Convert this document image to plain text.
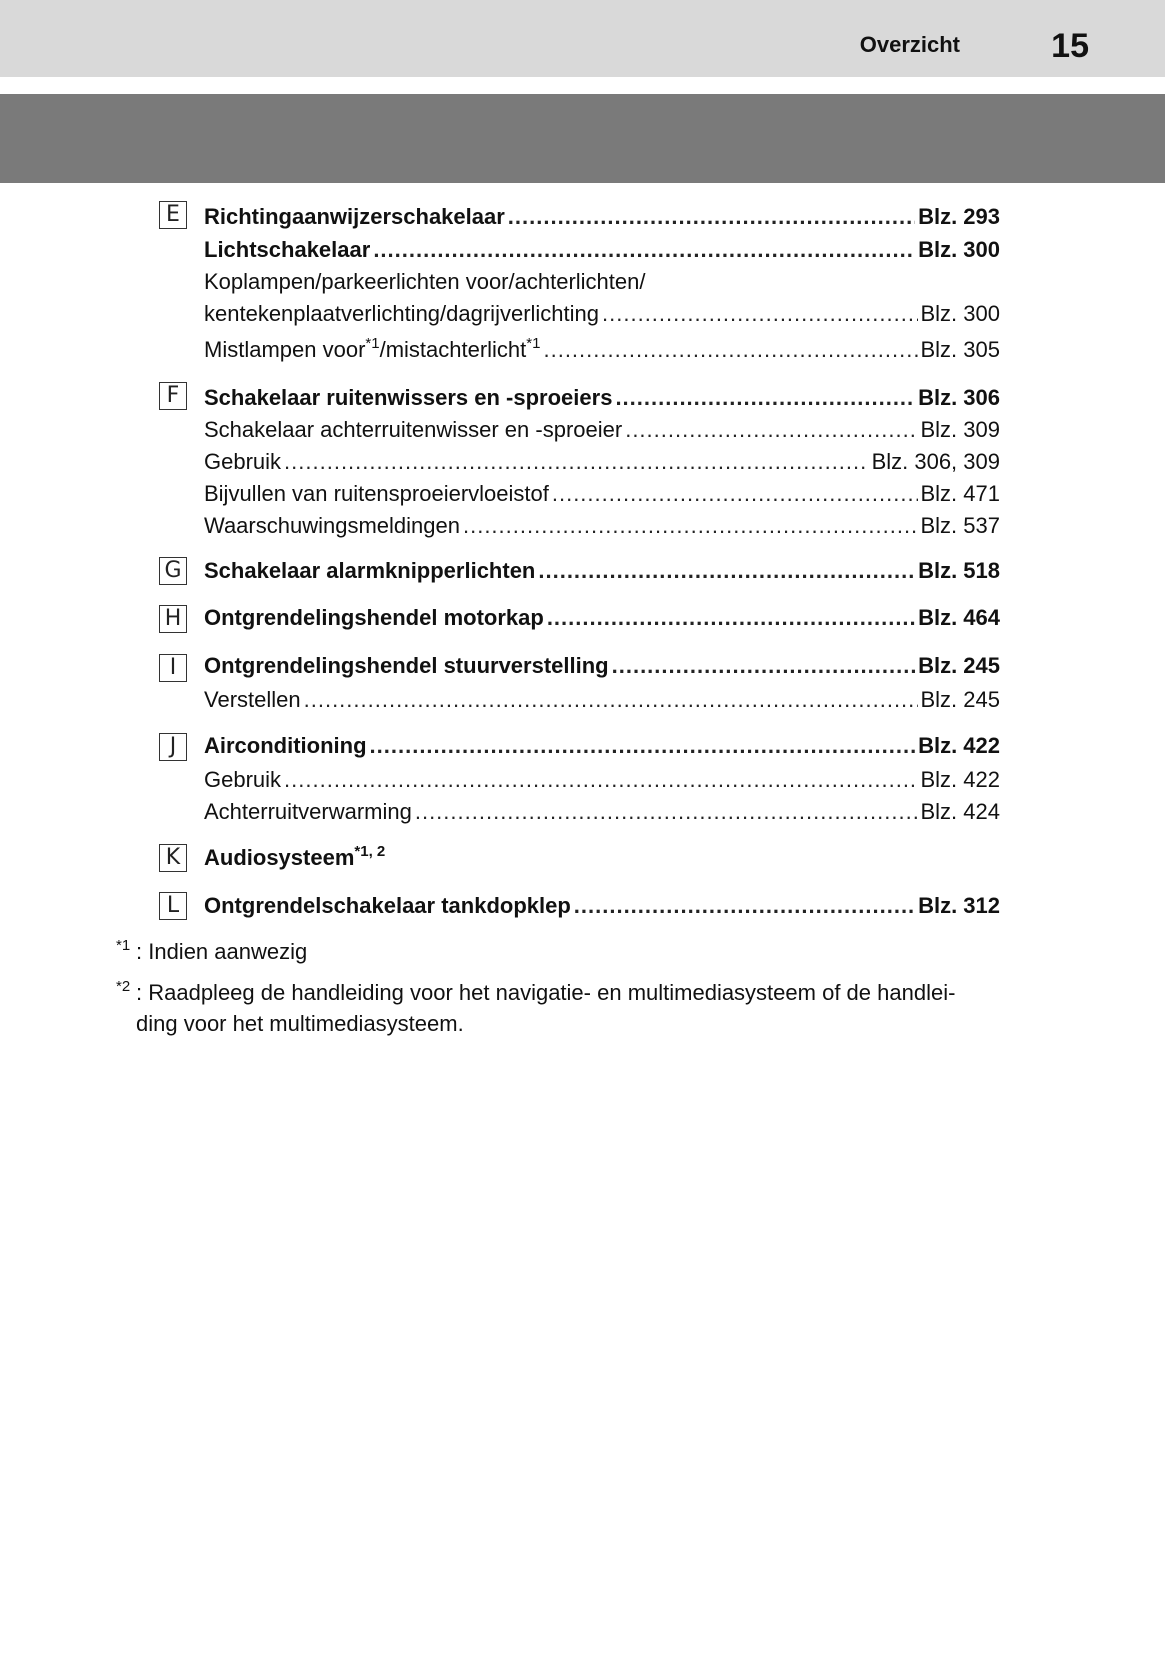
Overzicht	15
E	Richtingaanwijzerschakelaar .....	Blz. 293
Lichtschakelaar .....	Blz. 300
Koplampen/parkeerlichten voor/achterlichten/
kentekenplaatverlichting/dagrijverlichting .....	Blz. 300
Mistlampen voor$^{*1}$/mistachterlicht$^{*1}$ .....	Blz. 305
F	Schakelaar ruitenwissers en -sproeiers .....	Blz. 306
Schakelaar achterruitenwisser en -sproeier .....	Blz. 309
Gebruik .....	Blz. 306, 309
Bijvullen van ruitensproeiervloeistof .....	Blz. 471
Waarschuwingsmeldingen .....	Blz. 537
G Schakelaar alarmknipperlichten .....	Blz. 518
H Ontgrendelingshendel motorkap .....	Blz. 464
I	Ontgrendelingshendel stuurverstelling .....	Blz. 245
Verstellen .....	Blz. 245
J	Airconditioning .....	Blz. 422
Gebruik .....	Blz. 422
Achterruitverwarming .....	Blz. 424
K	Audiosysteem$^{*1, 2}$
L	Ontgrendelschakelaar tankdopklep .....	Blz. 312
$^{*1}$ : Indien aanwezig
$^{*2}$ : Raadpleeg de handleiding voor het navigatie- en multimediasysteem of de handlei-
ding voor het multimediasysteem.
